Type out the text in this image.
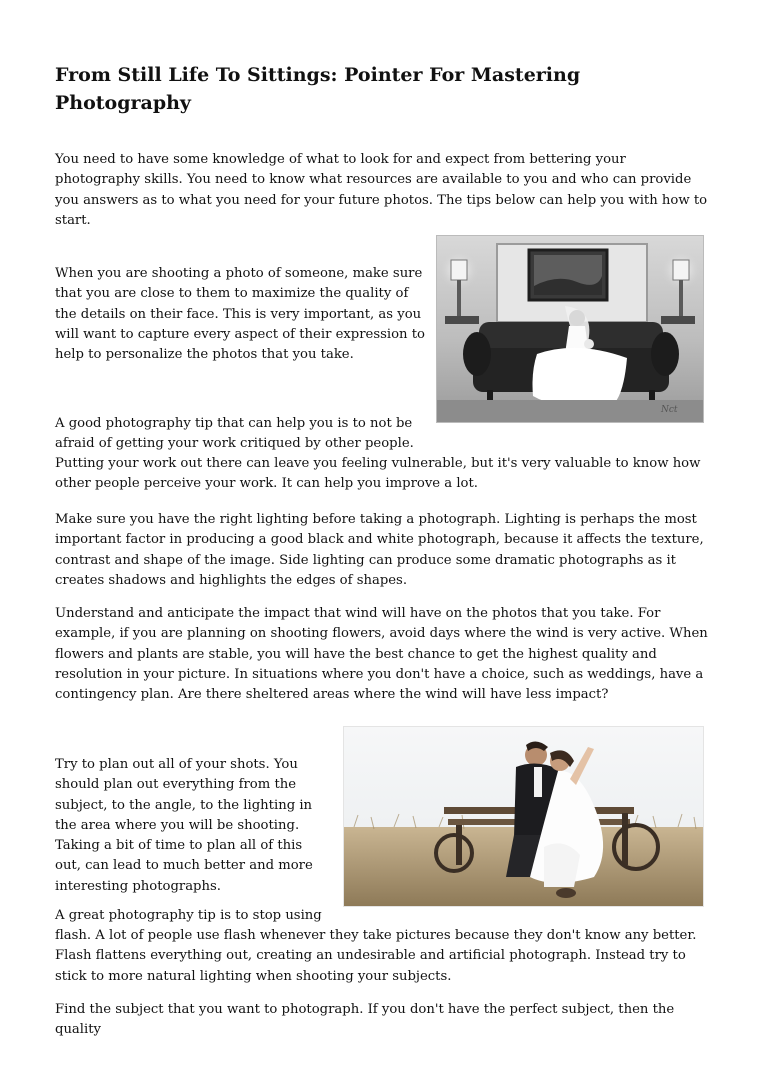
From Still Life To Sittings: Pointer For Mastering Photography

You need to have some knowledge of what to look for and expect from bettering your photography skills. You need to know what resources are available to you and who can provide you answers as to what you need for your future photos. The tips below can help you with how to start.

When you are shooting a photo of someone, make sure that you are close to them to maximize the quality of the details on their face. This is very important, as you will want to capture every aspect of their expression to help to personalize the photos that you take.

A good photography tip that can help you is to not be afraid of getting your work critiqued by other people.

Putting your work out there can leave you feeling vulnerable, but it's very valuable to know how other people perceive your work. It can help you improve a lot.

Make sure you have the right lighting before taking a photograph. Lighting is perhaps the most important factor in producing a good black and white photograph, because it affects the texture, contrast and shape of the image. Side lighting can produce some dramatic photographs as it creates shadows and highlights the edges of shapes.

Understand and anticipate the impact that wind will have on the photos that you take. For example, if you are planning on shooting flowers, avoid days where the wind is very active. When flowers and plants are stable, you will have the best chance to get the highest quality and resolution in your picture. In situations where you don't have a choice, such as weddings, have a contingency plan. Are there sheltered areas where the wind will have less impact?

Try to plan out all of your shots. You should plan out everything from the subject, to the angle, to the lighting in the area where you will be shooting. Taking a bit of time to plan all of this out, can lead to much better and more interesting photographs.

A great photography tip is to stop using

flash. A lot of people use flash whenever they take pictures because they don't know any better. Flash flattens everything out, creating an undesirable and artificial photograph. Instead try to stick to more natural lighting when shooting your subjects.

Find the subject that you want to photograph. If you don't have the perfect subject, then the quality

Nct
